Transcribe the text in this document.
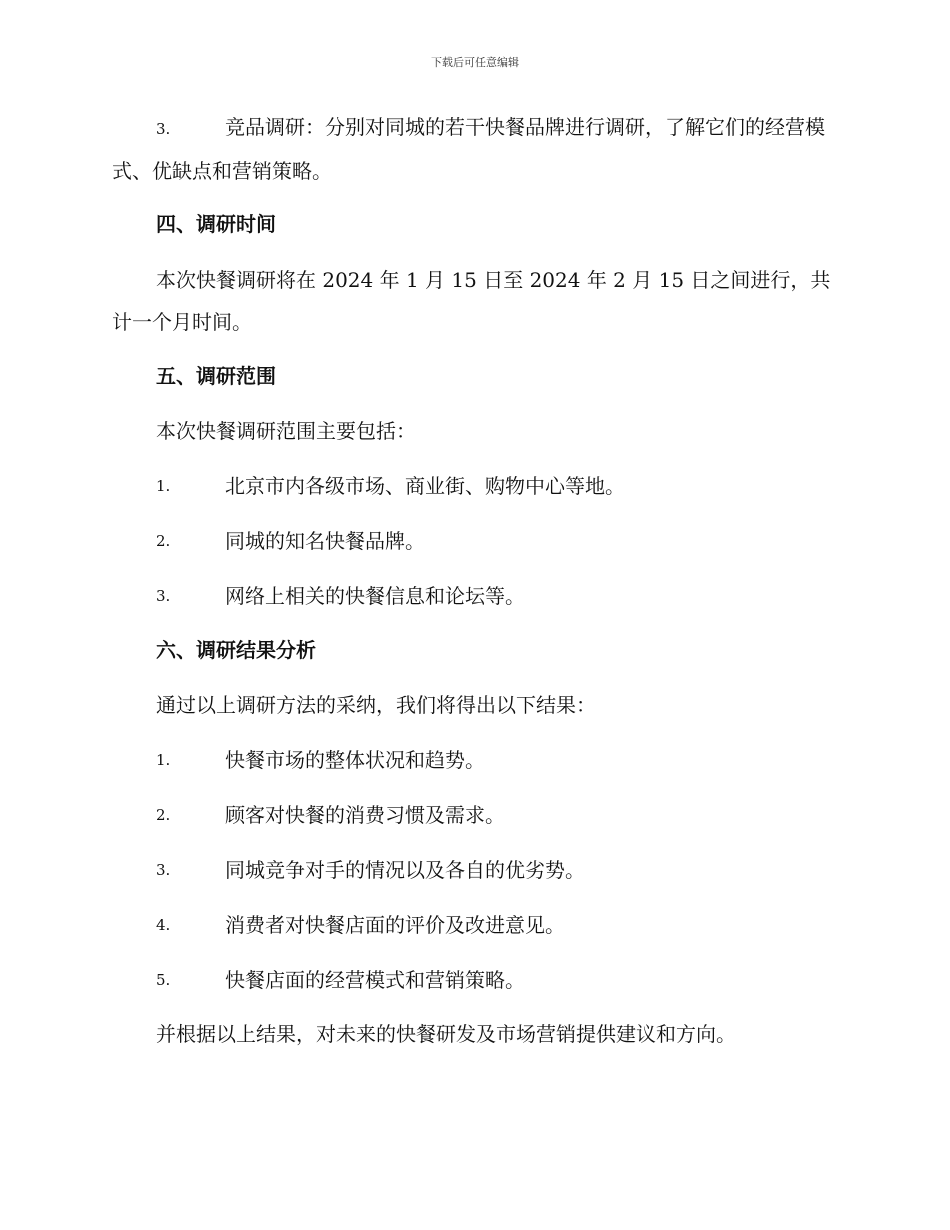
下载后可任意编辑

3.	竞品调研：分别对同城的若干快餐品牌进行调研，了解它们的经营模式、优缺点和营销策略。

四、调研时间

本次快餐调研将在 2024 年 1 月 15 日至 2024 年 2 月 15 日之间进行，共计一个月时间。

五、调研范围
本次快餐调研范围主要包括：
1.	北京市内各级市场、商业街、购物中心等地。
2.	同城的知名快餐品牌。
3.	网络上相关的快餐信息和论坛等。
六、调研结果分析
通过以上调研方法的采纳，我们将得出以下结果：
1.	快餐市场的整体状况和趋势。
2.	顾客对快餐的消费习惯及需求。
3.	同城竞争对手的情况以及各自的优劣势。
4.	消费者对快餐店面的评价及改进意见。
5.	快餐店面的经营模式和营销策略。
并根据以上结果，对未来的快餐研发及市场营销提供建议和方向。
